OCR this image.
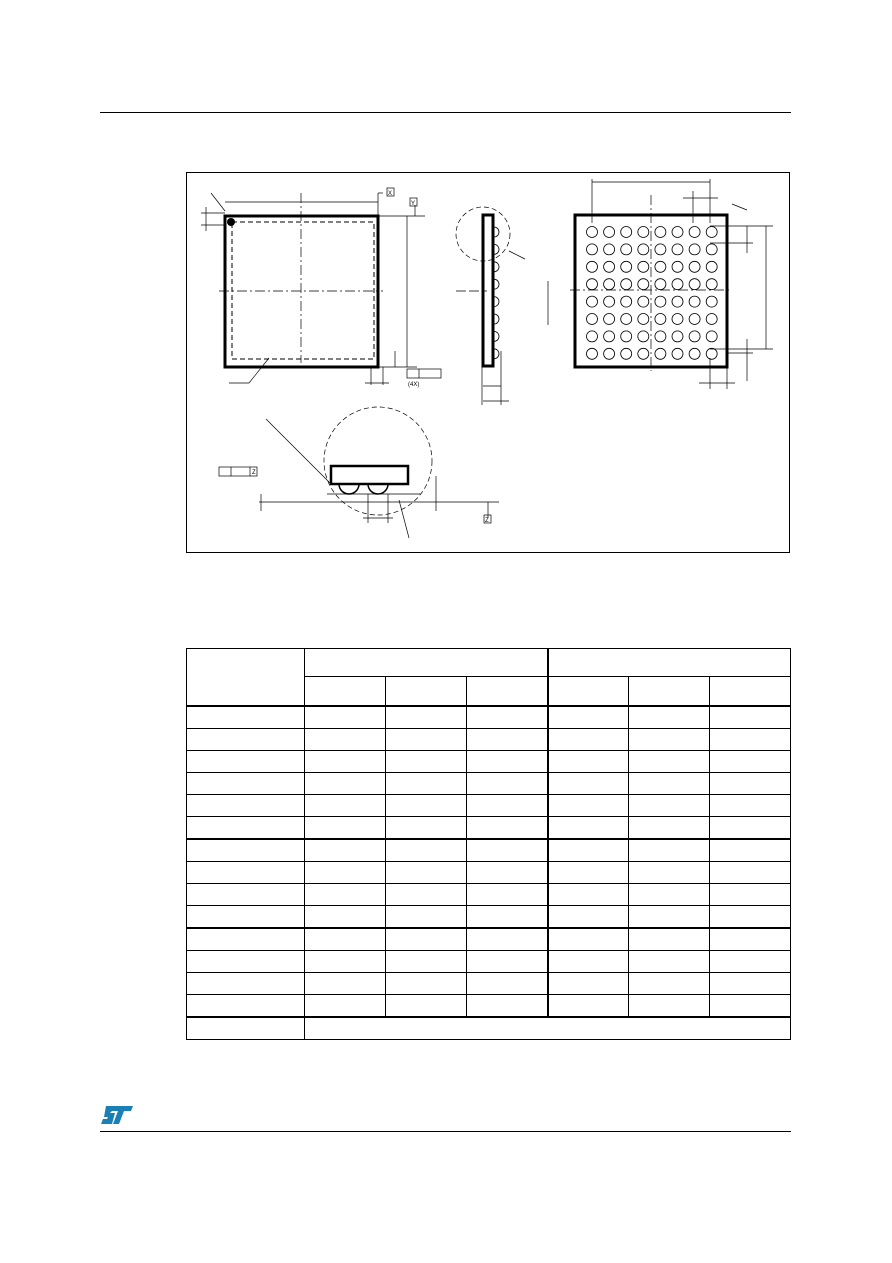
X
Y
(4X)
Z
Z
